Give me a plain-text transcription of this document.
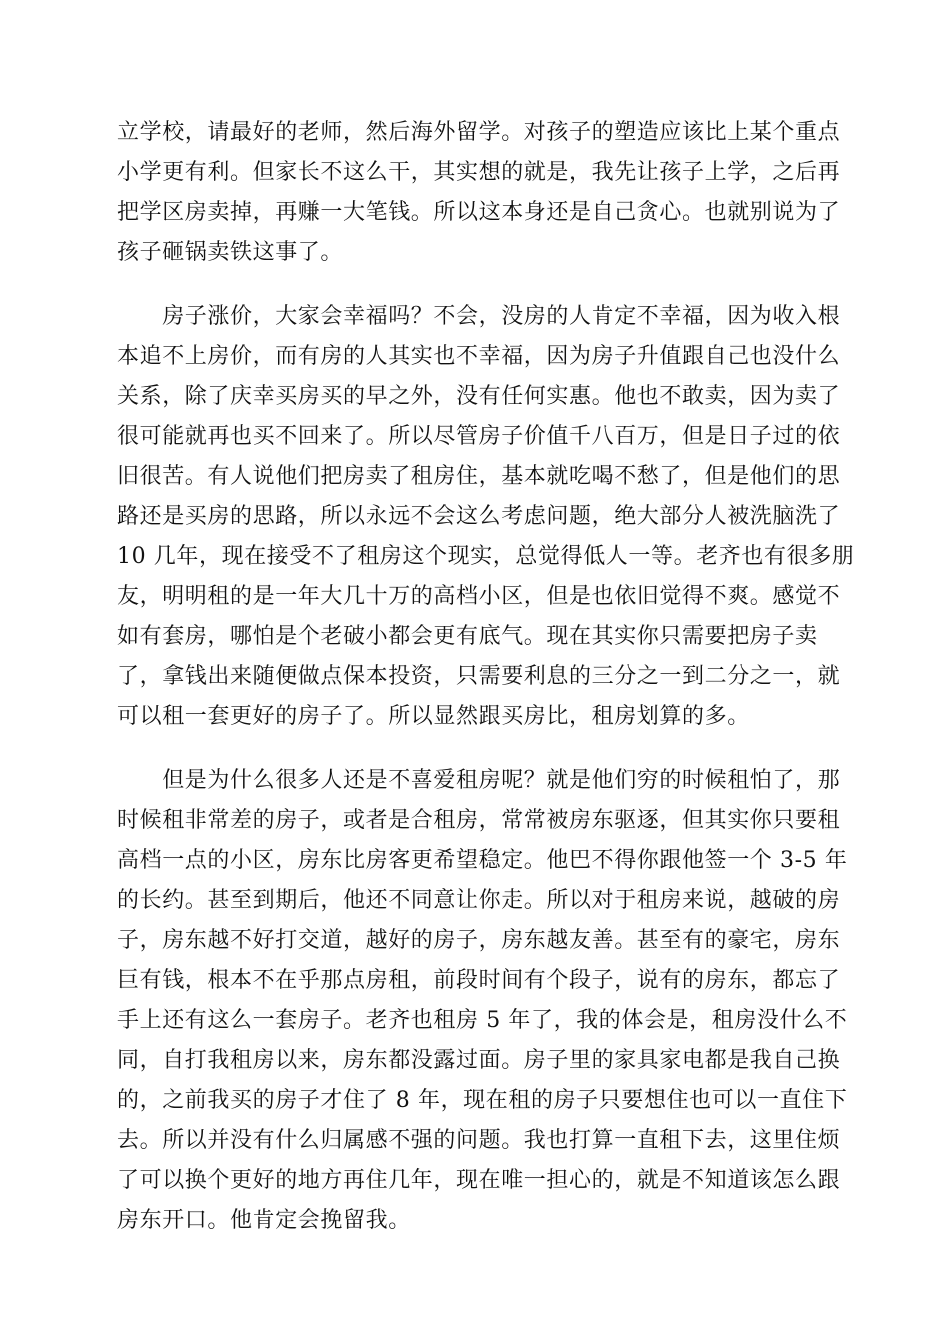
立学校，请最好的老师，然后海外留学。对孩子的塑造应该比上某个重点
小学更有利。但家长不这么干，其实想的就是，我先让孩子上学，之后再
把学区房卖掉，再赚一大笔钱。所以这本身还是自己贪心。也就别说为了
孩子砸锅卖铁这事了。
　　房子涨价，大家会幸福吗？不会，没房的人肯定不幸福，因为收入根
本追不上房价，而有房的人其实也不幸福，因为房子升值跟自己也没什么
关系，除了庆幸买房买的早之外，没有任何实惠。他也不敢卖，因为卖了
很可能就再也买不回来了。所以尽管房子价值千八百万，但是日子过的依
旧很苦。有人说他们把房卖了租房住，基本就吃喝不愁了，但是他们的思
路还是买房的思路，所以永远不会这么考虑问题，绝大部分人被洗脑洗了
10 几年，现在接受不了租房这个现实，总觉得低人一等。老齐也有很多朋
友，明明租的是一年大几十万的高档小区，但是也依旧觉得不爽。感觉不
如有套房，哪怕是个老破小都会更有底气。现在其实你只需要把房子卖
了，拿钱出来随便做点保本投资，只需要利息的三分之一到二分之一，就
可以租一套更好的房子了。所以显然跟买房比，租房划算的多。
　　但是为什么很多人还是不喜爱租房呢？就是他们穷的时候租怕了，那
时候租非常差的房子，或者是合租房，常常被房东驱逐，但其实你只要租
高档一点的小区，房东比房客更希望稳定。他巴不得你跟他签一个 3-5 年
的长约。甚至到期后，他还不同意让你走。所以对于租房来说，越破的房
子，房东越不好打交道，越好的房子，房东越友善。甚至有的豪宅，房东
巨有钱，根本不在乎那点房租，前段时间有个段子，说有的房东，都忘了
手上还有这么一套房子。老齐也租房 5 年了，我的体会是，租房没什么不
同，自打我租房以来，房东都没露过面。房子里的家具家电都是我自己换
的，之前我买的房子才住了 8 年，现在租的房子只要想住也可以一直住下
去。所以并没有什么归属感不强的问题。我也打算一直租下去，这里住烦
了可以换个更好的地方再住几年，现在唯一担心的，就是不知道该怎么跟
房东开口。他肯定会挽留我。
